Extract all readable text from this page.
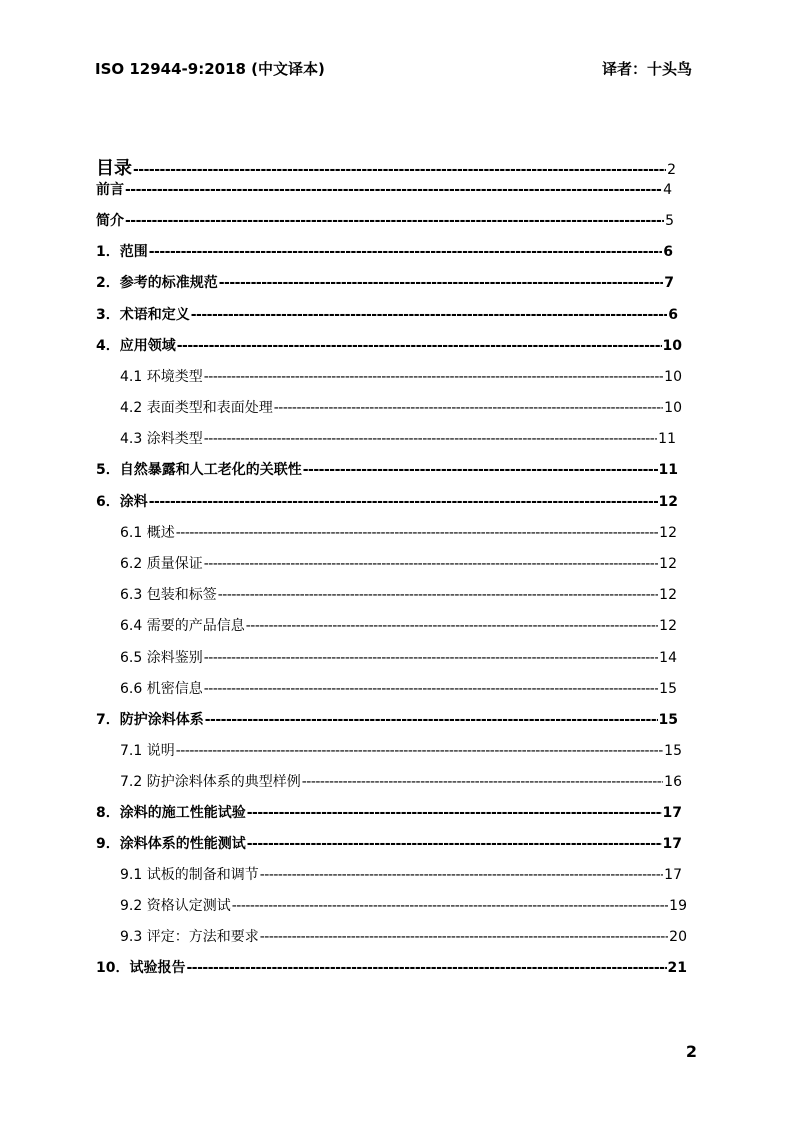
ISO 12944-9:2018 (中文译本)	译者：十头鸟
目录 -----	2
前言 -----	4
简介 -----	5
1．范围 -----	6
2．参考的标准规范 -----	7
3．术语和定义 -----	6
4．应用领域 -----	10
4.1 环境类型 -----	10
4.2 表面类型和表面处理 -----	10
4.3 涂料类型 -----	11
5．自然暴露和人工老化的关联性 -----	11
6．涂料 -----	12
6.1 概述 -----	12
6.2 质量保证 -----	12
6.3 包装和标签 -----	12
6.4 需要的产品信息 -----	12
6.5 涂料鉴别 -----	14
6.6 机密信息 -----	15
7．防护涂料体系 -----	15
7.1 说明 -----	15
7.2 防护涂料体系的典型样例 -----	16
8．涂料的施工性能试验 -----	17
9．涂料体系的性能测试 -----	17
9.1 试板的制备和调节 -----	17
9.2 资格认定测试 -----	19
9.3 评定：方法和要求 -----	20
10．试验报告 -----	21
2
